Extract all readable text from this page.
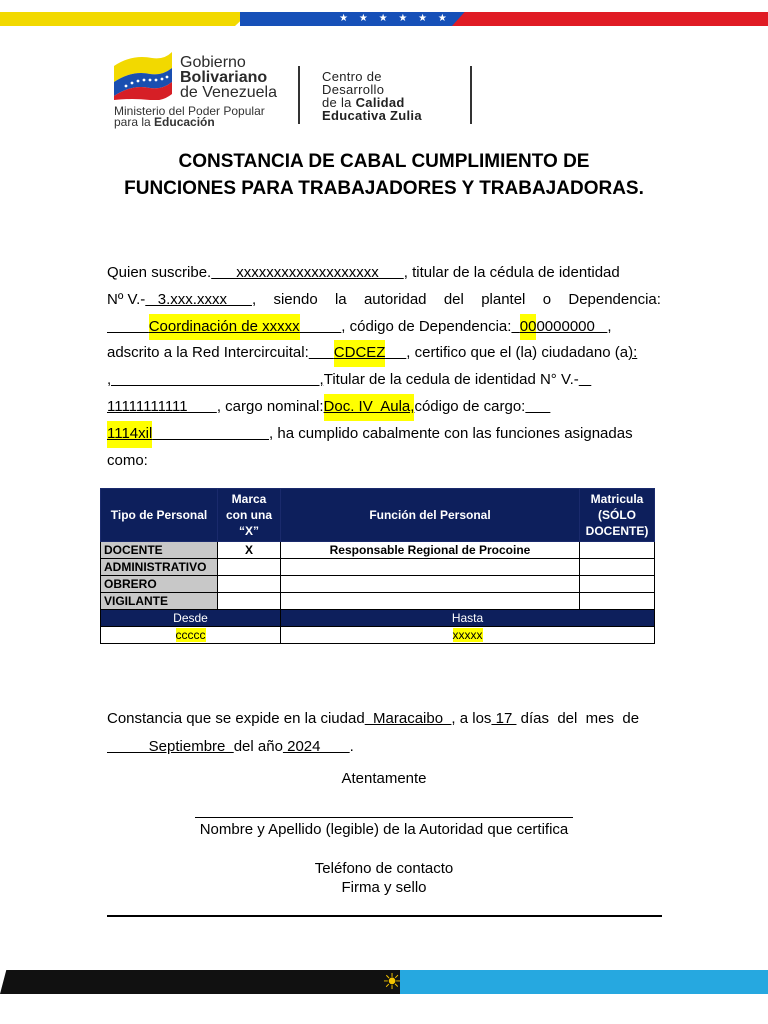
★ ★ ★ ★ ★ ★ ★ ★
Gobierno
Bolivariano
de Venezuela
Ministerio del Poder Popular
para la Educación
Centro de
Desarrollo
de la Calidad
Educativa Zulia
CONSTANCIA DE CABAL CUMPLIMIENTO DE
FUNCIONES PARA TRABAJADORES Y TRABAJADORAS.
Quien suscribe. xxxxxxxxxxxxxxxxxxx , titular de la cédula de identidad
Nº V.-   3.xxx.xxxx      , siendo la autoridad del plantel o Dependencia:

Coordinación de xxxxx
	, código de Dependencia:
00 0000000 ,
adscrito a la Red Intercircuital:
CDCEZ
, certifico que el (la) ciudadano (a ):
,                                                  , Titular de la cedula de identidad N° V.-

11111111111 , cargo nominal: Doc. IV  Aula, código de cargo:

1114xil
	, ha cumplido cabalmente con las funciones asignadas
como:
Tipo de Personal	Marca con una “X”	Función del Personal	Matricula (SÓLO DOCENTE)
DOCENTE	X	Responsable Regional de Procoine	
ADMINISTRATIVO			
OBRERO			
VIGILANTE			
Desde		Hasta	
ccccc		xxxxx	
Constancia que se expide en la ciudad Maracaibo , a los 17 días  del  mes  de
Septiembre del año 2024 .
Atentamente
Nombre y Apellido (legible) de la Autoridad que certifica
Teléfono de contacto
Firma y sello
☀
